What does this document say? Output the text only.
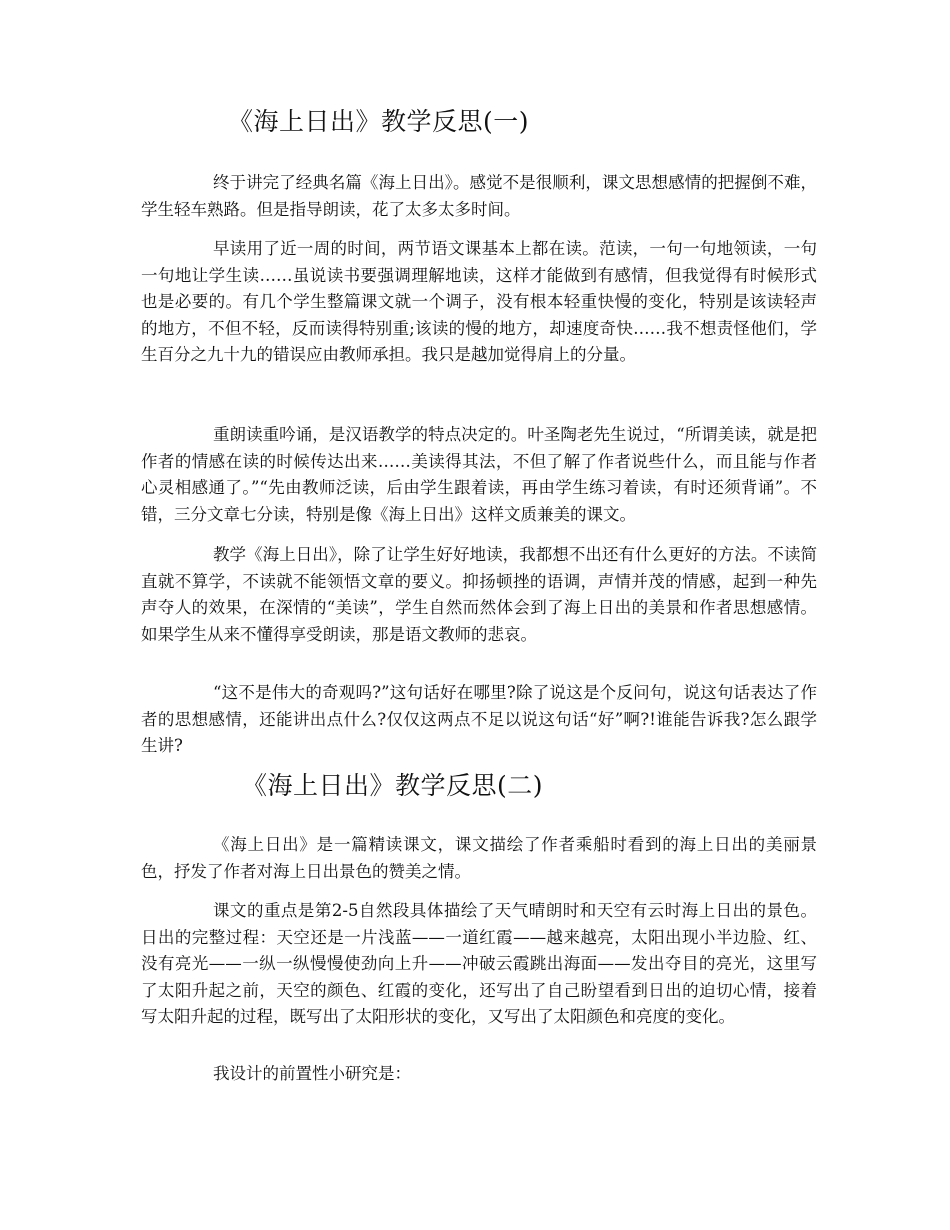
《海上日出》教学反思(一)

终于讲完了经典名篇《海上日出》。感觉不是很顺利，课文思想感情的把握倒不难，学生轻车熟路。但是指导朗读，花了太多太多时间。

早读用了近一周的时间，两节语文课基本上都在读。范读，一句一句地领读，一句一句地让学生读……虽说读书要强调理解地读，这样才能做到有感情，但我觉得有时候形式也是必要的。有几个学生整篇课文就一个调子，没有根本轻重快慢的变化，特别是该读轻声的地方，不但不轻，反而读得特别重;该读的慢的地方，却速度奇快……我不想责怪他们，学生百分之九十九的错误应由教师承担。我只是越加觉得肩上的分量。

重朗读重吟诵，是汉语教学的特点决定的。叶圣陶老先生说过，“所谓美读，就是把作者的情感在读的时候传达出来……美读得其法，不但了解了作者说些什么，而且能与作者心灵相感通了。”“先由教师泛读，后由学生跟着读，再由学生练习着读，有时还须背诵”。不错，三分文章七分读，特别是像《海上日出》这样文质兼美的课文。

教学《海上日出》，除了让学生好好地读，我都想不出还有什么更好的方法。不读简直就不算学，不读就不能领悟文章的要义。抑扬顿挫的语调，声情并茂的情感，起到一种先声夺人的效果，在深情的“美读”，学生自然而然体会到了海上日出的美景和作者思想感情。如果学生从来不懂得享受朗读，那是语文教师的悲哀。

“这不是伟大的奇观吗?”这句话好在哪里?除了说这是个反问句，说这句话表达了作者的思想感情，还能讲出点什么?仅仅这两点不足以说这句话“好”啊?!谁能告诉我?怎么跟学生讲?

《海上日出》教学反思(二)

《海上日出》是一篇精读课文，课文描绘了作者乘船时看到的海上日出的美丽景色，抒发了作者对海上日出景色的赞美之情。

课文的重点是第2-5自然段具体描绘了天气晴朗时和天空有云时海上日出的景色。日出的完整过程：天空还是一片浅蓝——一道红霞——越来越亮，太阳出现小半边脸、红、没有亮光——一纵一纵慢慢使劲向上升——冲破云霞跳出海面——发出夺目的亮光，这里写了太阳升起之前，天空的颜色、红霞的变化，还写出了自己盼望看到日出的迫切心情，接着写太阳升起的过程，既写出了太阳形状的变化，又写出了太阳颜色和亮度的变化。

我设计的前置性小研究是：
